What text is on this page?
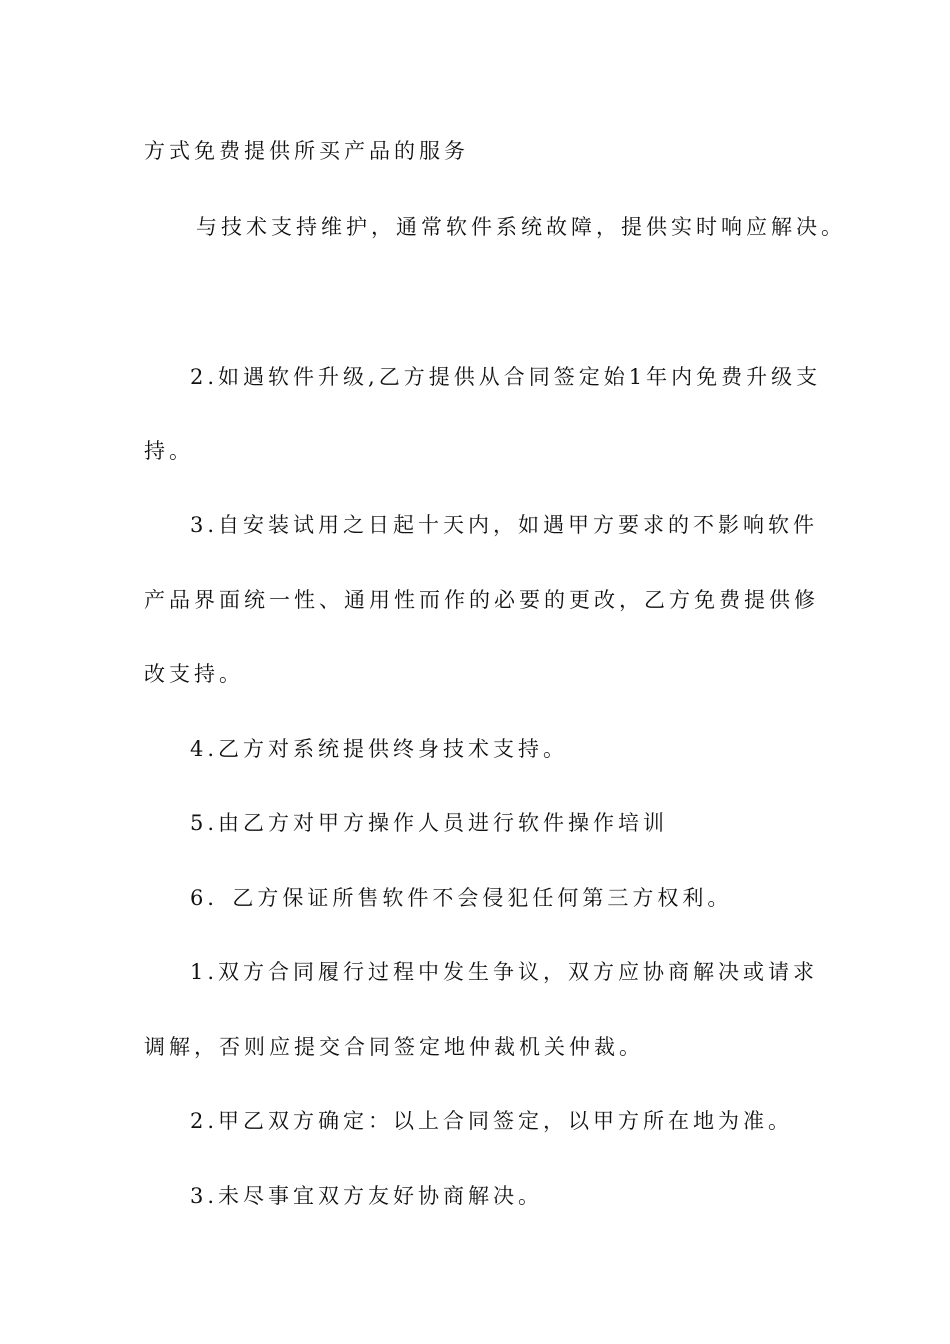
方式免费提供所买产品的服务

与技术支持维护，通常软件系统故障，提供实时响应解决。

2.如遇软件升级,乙方提供从合同签定始1年内免费升级支

持。

3.自安装试用之日起十天内，如遇甲方要求的不影响软件

产品界面统一性、通用性而作的必要的更改，乙方免费提供修

改支持。

4.乙方对系统提供终身技术支持。

5.由乙方对甲方操作人员进行软件操作培训

6．乙方保证所售软件不会侵犯任何第三方权利。

1.双方合同履行过程中发生争议，双方应协商解决或请求

调解，否则应提交合同签定地仲裁机关仲裁。

2.甲乙双方确定：以上合同签定，以甲方所在地为准。

3.未尽事宜双方友好协商解决。
